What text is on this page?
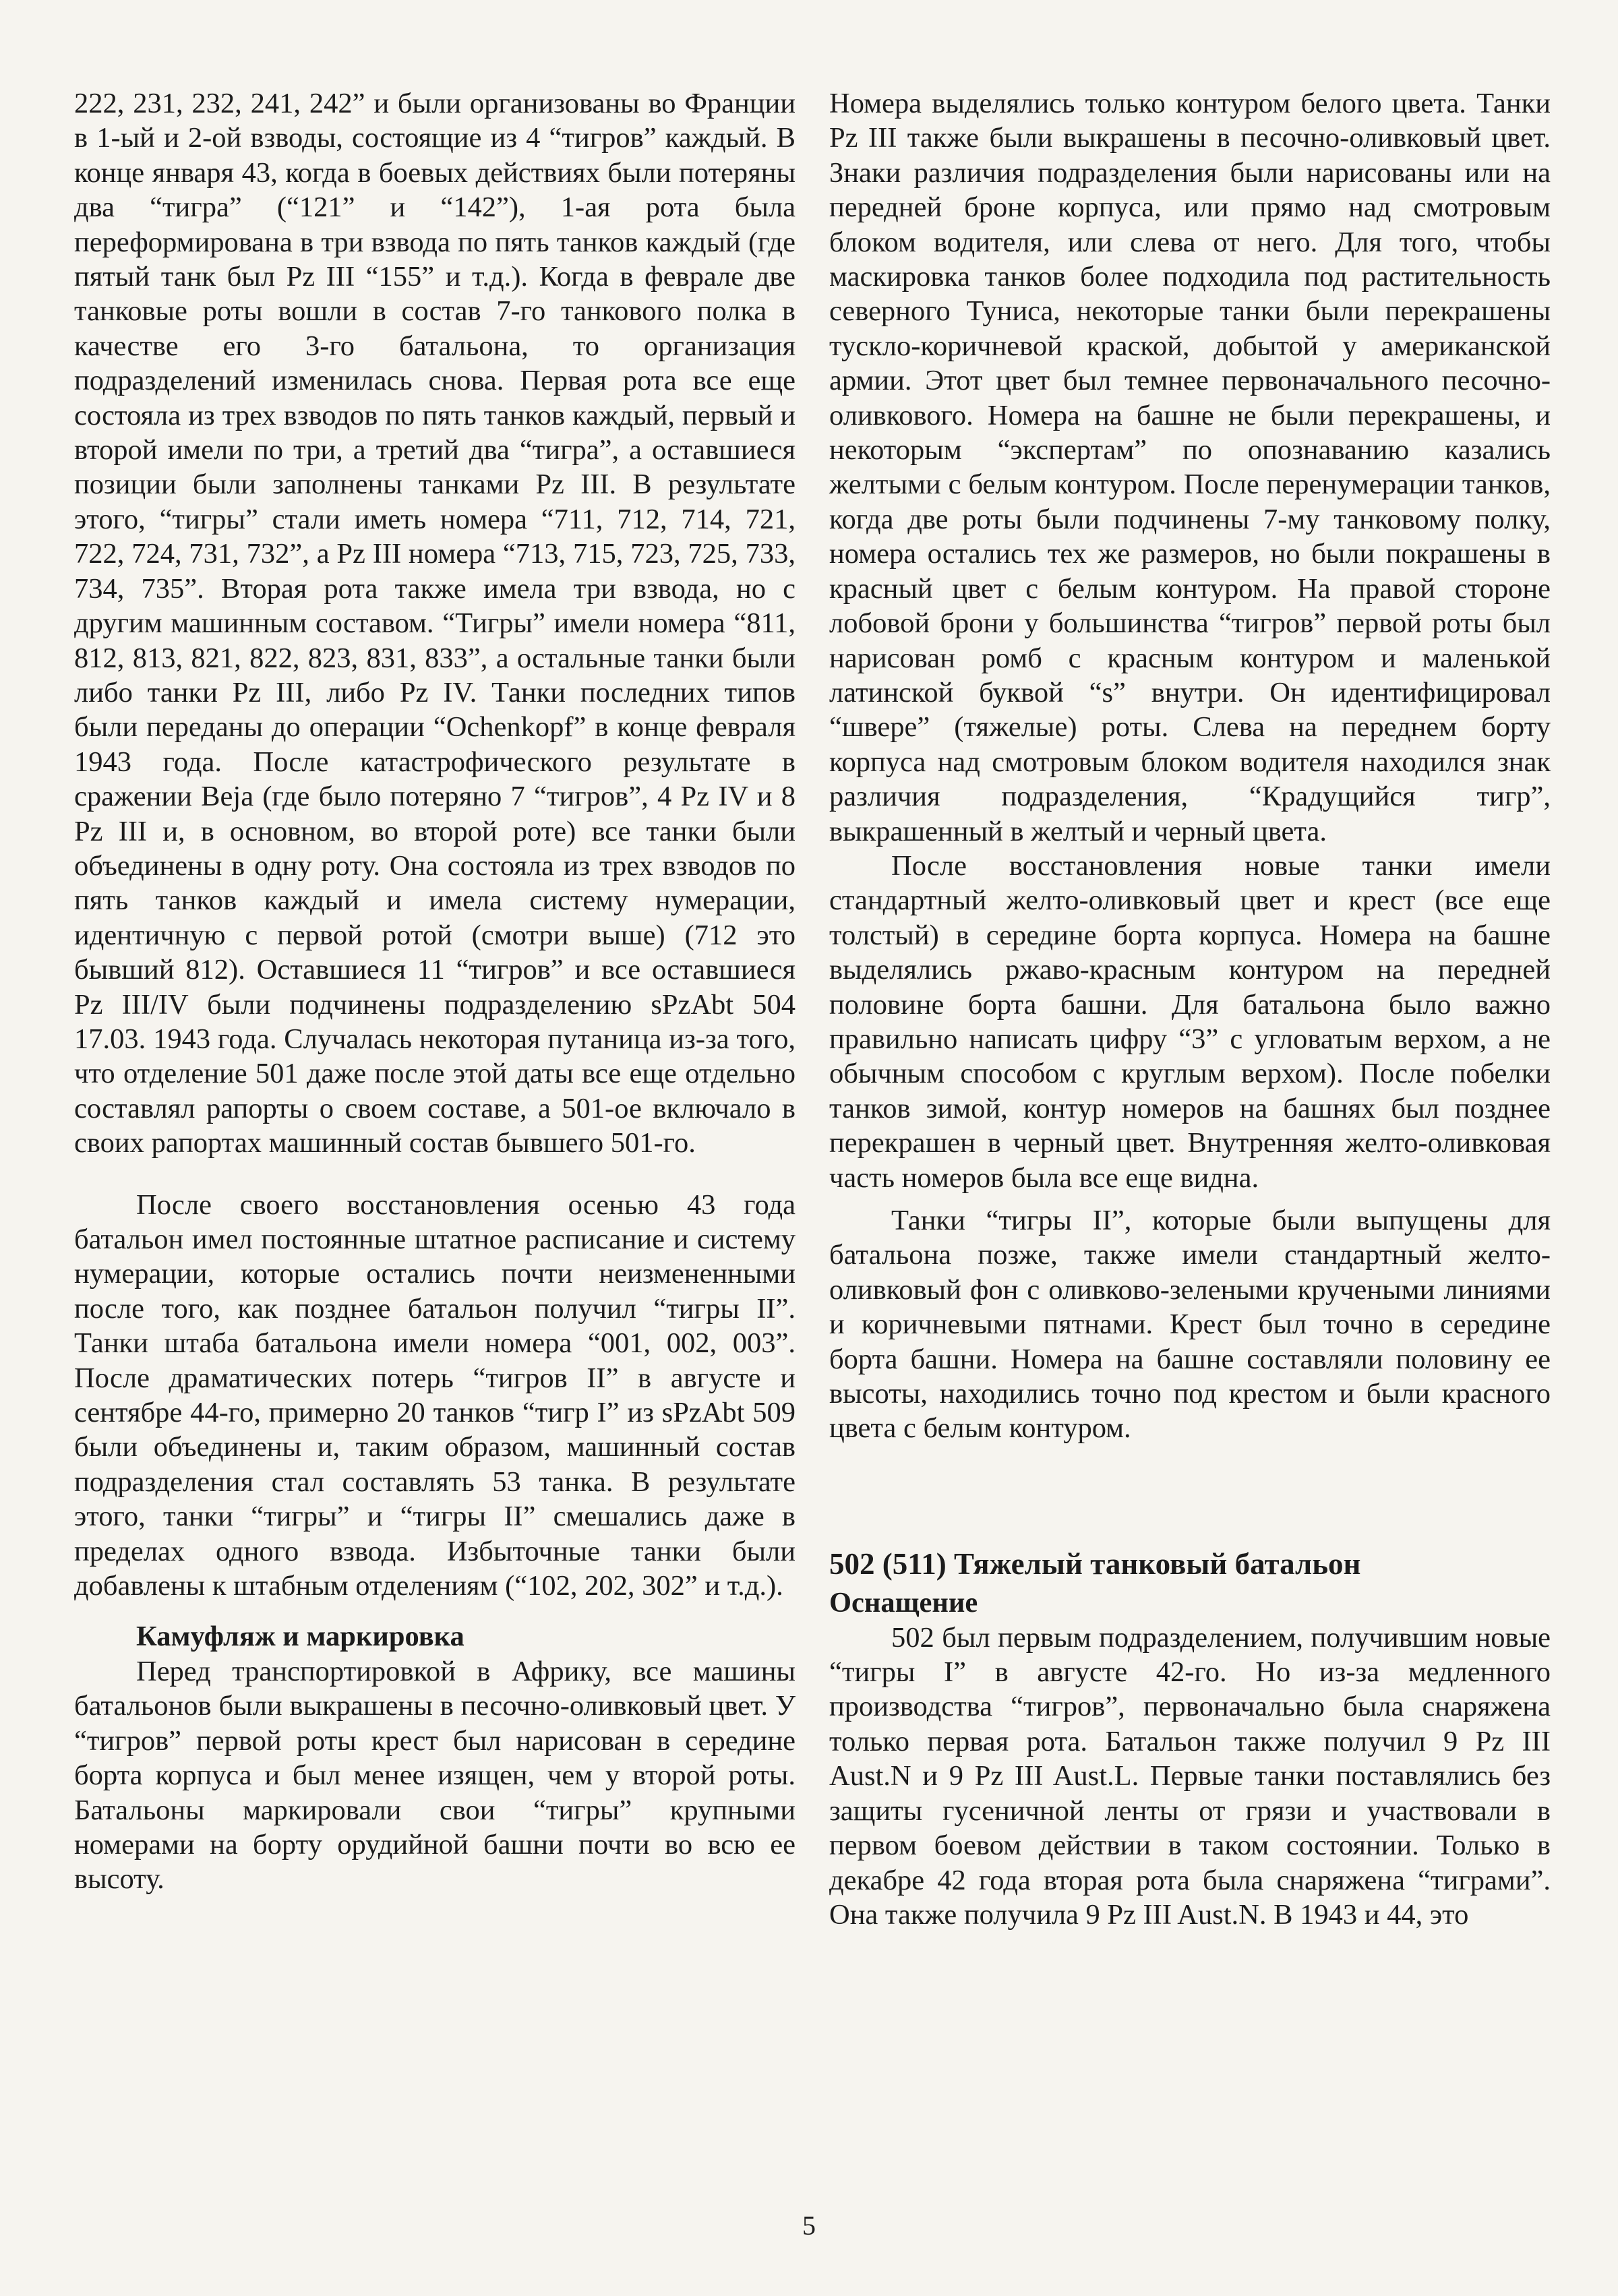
222, 231, 232, 241, 242” и были организованы во Франции в 1-ый и 2-ой взводы, состоящие из 4 “тигров” каждый. В конце января 43, когда в боевых действиях были потеряны два “тигра” (“121” и “142”), 1-ая рота была переформирована в три взвода по пять танков каждый (где пятый танк был Pz III “155” и т.д.). Когда в феврале две танковые роты вошли в состав 7-го танкового полка в качестве его 3-го батальона, то организация подразделений изменилась снова. Первая рота все еще состояла из трех взводов по пять танков каждый, первый и второй имели по три, а третий два “тигра”, а оставшиеся позиции были заполнены танками Pz III. В результате этого, “тигры” стали иметь номера “711, 712, 714, 721, 722, 724, 731, 732”, а Pz III номера “713, 715, 723, 725, 733, 734, 735”. Вторая рота также имела три взвода, но с другим машинным составом. “Тигры” имели номера “811, 812, 813, 821, 822, 823, 831, 833”, а остальные танки были либо танки Pz III, либо Pz IV. Танки последних типов были переданы до операции “Ochenkopf” в конце февраля 1943 года. После катастрофического результате в сражении Beja (где было потеряно 7 “тигров”, 4 Pz IV и 8 Pz III и, в основном, во второй роте) все танки были объединены в одну роту. Она состояла из трех взводов по пять танков каждый и имела систему нумерации, идентичную с первой ротой (смотри выше) (712 это бывший 812). Оставшиеся 11 “тигров” и все оставшиеся Pz III/IV были подчинены подразделению sPzAbt 504 17.03. 1943 года. Случалась некоторая путаница из-за того, что отделение 501 даже после этой даты все еще отдельно составлял рапорты о своем составе, а 501-ое включало в своих рапортах машинный состав бывшего 501-го.

После своего восстановления осенью 43 года батальон имел постоянные штатное расписание и систему нумерации, которые остались почти неизмененными после того, как позднее батальон получил “тигры II”. Танки штаба батальона имели номера “001, 002, 003”. После драматических потерь “тигров II” в августе и сентябре 44-го, примерно 20 танков “тигр I” из sPzAbt 509 были объединены и, таким образом, машинный состав подразделения стал составлять 53 танка. В результате этого, танки “тигры” и “тигры II” смешались даже в пределах одного взвода. Избыточные танки были добавлены к штабным отделениям (“102, 202, 302” и т.д.).

Камуфляж и маркировка

Перед транспортировкой в Африку, все машины батальонов были выкрашены в песочно-оливковый цвет. У “тигров” первой роты крест был нарисован в середине борта корпуса и был менее изящен, чем у второй роты. Батальоны маркировали свои “тигры” крупными номерами на борту орудийной башни почти во всю ее высоту.

Номера выделялись только контуром белого цвета. Танки Pz III также были выкрашены в песочно-оливковый цвет. Знаки различия подразделения были нарисованы или на передней броне корпуса, или прямо над смотровым блоком водителя, или слева от него. Для того, чтобы маскировка танков более подходила под растительность северного Туниса, некоторые танки были перекрашены тускло-коричневой краской, добытой у американской армии. Этот цвет был темнее первоначального песочно-оливкового. Номера на башне не были перекрашены, и некоторым “экспертам” по опознаванию казались желтыми с белым контуром. После перенумерации танков, когда две роты были подчинены 7-му танковому полку, номера остались тех же размеров, но были покрашены в красный цвет с белым контуром. На правой стороне лобовой брони у большинства “тигров” первой роты был нарисован ромб с красным контуром и маленькой латинской буквой “s” внутри. Он идентифицировал “швере” (тяжелые) роты. Слева на переднем борту корпуса над смотровым блоком водителя находился знак различия подразделения, “Крадущийся тигр”, выкрашенный в желтый и черный цвета.

После восстановления новые танки имели стандартный желто-оливковый цвет и крест (все еще толстый) в середине борта корпуса. Номера на башне выделялись ржаво-красным контуром на передней половине борта башни. Для батальона было важно правильно написать цифру “3” с угловатым верхом, а не обычным способом с круглым верхом). После побелки танков зимой, контур номеров на башнях был позднее перекрашен в черный цвет. Внутренняя желто-оливковая часть номеров была все еще видна.

Танки “тигры II”, которые были выпущены для батальона позже, также имели стандартный желто-оливковый фон с оливково-зелеными кручеными линиями и коричневыми пятнами. Крест был точно в середине борта башни. Номера на башне составляли половину ее высоты, находились точно под крестом и были красного цвета с белым контуром.

502 (511) Тяжелый танковый батальон

Оснащение

502 был первым подразделением, получившим новые “тигры I” в августе 42-го. Но из-за медленного производства “тигров”, первоначально была снаряжена только первая рота. Батальон также получил 9 Pz III Aust.N и 9 Pz III Aust.L. Первые танки поставлялись без защиты гусеничной ленты от грязи и участвовали в первом боевом действии в таком состоянии. Только в декабре 42 года вторая рота была снаряжена “тиграми”. Она также получила 9 Pz III Aust.N. В 1943 и 44, это

5
